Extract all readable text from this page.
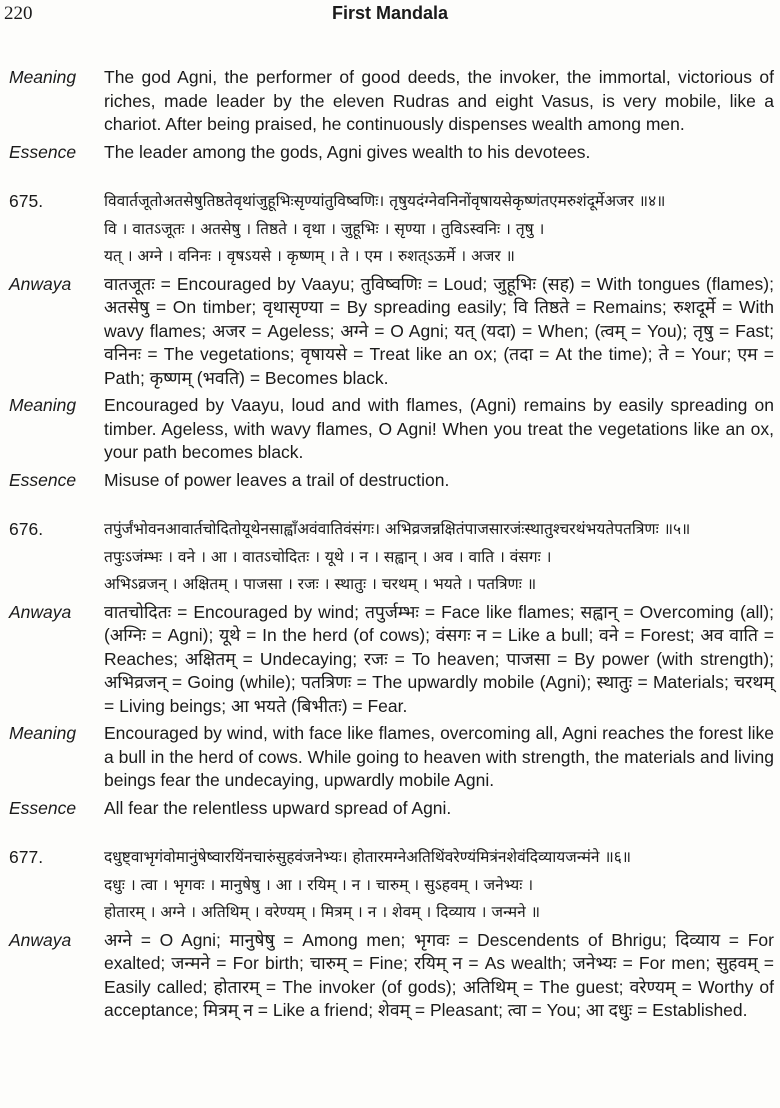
220	First Mandala
Meaning	The god Agni, the performer of good deeds, the invoker, the immortal, victorious of riches, made leader by the eleven Rudras and eight Vasus, is very mobile, like a chariot. After being praised, he continuously dispenses wealth among men.
Essence	The leader among the gods, Agni gives wealth to his devotees.
675.	विवार्तजूतोअतसेषुतिष्ठतेवृथांजुहूभिःसृण्यांतुविष्वणिः। तृषुयदंग्नेवनिनोंवृषायसेकृष्णंतएमरुशंदूर्मेअजर ॥४॥
वि । वातऽजूतः । अतसेषु । तिष्ठते । वृथा । जुहूभिः । सृण्या । तुविऽस्वनिः । तृषु ।
यत् । अग्ने । वनिनः । वृषऽयसे । कृष्णम् । ते । एम । रुशत्ऽऊर्मे । अजर ॥
Anwaya	वातजूतः = Encouraged by Vaayu; तुविष्वणिः = Loud; जुहूभिः (सह) = With tongues (flames); अतसेषु = On timber; वृथासृण्या = By spreading easily; वि तिष्ठते = Remains; रुशदूर्मे = With wavy flames; अजर = Ageless; अग्ने = O Agni; यत् (यदा) = When; (त्वम् = You); तृषु = Fast; वनिनः = The vegetations; वृषायसे = Treat like an ox; (तदा = At the time); ते = Your; एम = Path; कृष्णम् (भवति) = Becomes black.
Meaning	Encouraged by Vaayu, loud and with flames, (Agni) remains by easily spreading on timber. Ageless, with wavy flames, O Agni! When you treat the vegetations like an ox, your path becomes black.
Essence	Misuse of power leaves a trail of destruction.
676.	तपुंर्जंभोवनआवार्तचोदितोयूथेनसाह्वाँअवंवातिवंसंगः। अभिव्रजन्नक्षितंपाजसारजंःस्थातुश्चरथंभयतेपतत्रिणः ॥५॥
तपुःऽजंम्भः । वने । आ । वातऽचोदितः । यूथे । न । सह्वान् । अव । वाति । वंसगः ।
अभिऽव्रजन् । अक्षितम् । पाजसा । रजः । स्थातुः । चरथम् । भयते । पतत्रिणः ॥
Anwaya	वातचोदितः = Encouraged by wind; तपुर्जम्भः = Face like flames; सह्वान् = Overcoming (all); (अग्निः = Agni); यूथे = In the herd (of cows); वंसगः न = Like a bull; वने = Forest; अव वाति = Reaches; अक्षितम् = Undecaying; रजः = To heaven; पाजसा = By power (with strength); अभिव्रजन् = Going (while); पतत्रिणः = The upwardly mobile (Agni); स्थातुः = Materials; चरथम् = Living beings; आ भयते (बिभीतः) = Fear.
Meaning	Encouraged by wind, with face like flames, overcoming all, Agni reaches the forest like a bull in the herd of cows. While going to heaven with strength, the materials and living beings fear the undecaying, upwardly mobile Agni.
Essence	All fear the relentless upward spread of Agni.
677.	दधुष्ट्वाभृगंवोमानुंषेष्वारयिंनचारुंसुहवंजनेभ्यः। होतारमग्नेअतिथिंवरेण्यंमित्रंनशेवंदिव्यायजन्मंने ॥६॥
दधुः । त्वा । भृगवः । मानुषेषु । आ । रयिम् । न । चारुम् । सुऽहवम् । जनेभ्यः ।
होतारम् । अग्ने । अतिथिम् । वरेण्यम् । मित्रम् । न । शेवम् । दिव्याय । जन्मने ॥
Anwaya	अग्ने = O Agni; मानुषेषु = Among men; भृगवः = Descendents of Bhrigu; दिव्याय = For exalted; जन्मने = For birth; चारुम् = Fine; रयिम् न = As wealth; जनेभ्यः = For men; सुहवम् = Easily called; होतारम् = The invoker (of gods); अतिथिम् = The guest; वरेण्यम् = Worthy of acceptance; मित्रम् न = Like a friend; शेवम् = Pleasant; त्वा = You; आ दधुः = Established.
